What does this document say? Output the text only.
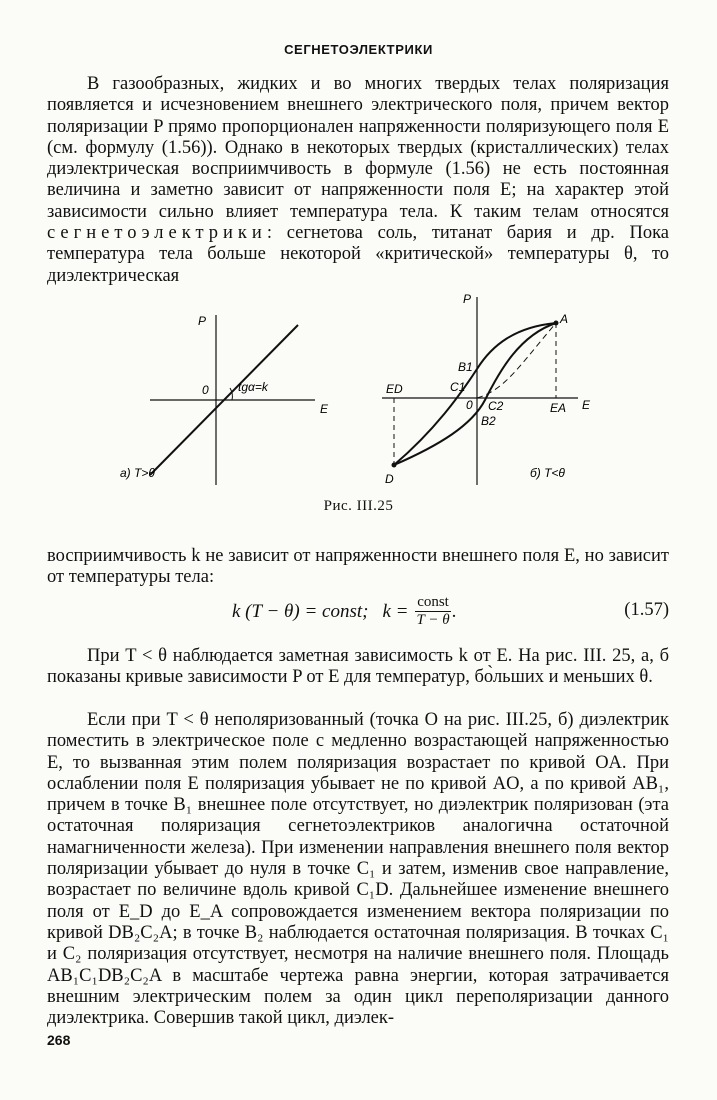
СЕГНЕТОЭЛЕКТРИКИ

В газообразных, жидких и во многих твердых телах поляризация появляется и исчезновением внешнего электрического поля, причем вектор поляризации P прямо пропорционален напряженности поляризующего поля E (см. формулу (1.56)). Однако в некоторых твердых (кристаллических) телах диэлектрическая восприимчивость в формуле (1.56) не есть постоянная величина и заметно зависит от напряженности поля E; на характер этой зависимости сильно влияет температура тела. К таким телам относятся сегнетоэлектрики: сегнетова соль, титанат бария и др. Пока температура тела больше некоторой «критической» температуры θ, то диэлектрическая

P
E
0 tgα=k
а) T>θ
P
E
0
ED
EA
A
B1
C1
C2
B2
D	б) T<θ
Рис. III.25

восприимчивость k не зависит от напряженности внешнего поля E, но зависит от температуры тела:

k (T − θ) = const; $k = \frac{\text{const}}{T - \theta}$ .	(1.57)

При T < θ наблюдается заметная зависимость k от E. На рис. III. 25, а, б показаны кривые зависимости P от E для температур, бо̀льших и меньших θ.

Если при T < θ неполяризованный (точка O на рис. III.25, б) диэлектрик поместить в электрическое поле с медленно возрастающей напряженностью E, то вызванная этим полем поляризация возрастает по кривой OA. При ослаблении поля E поляризация убывает не по кривой AO, а по кривой AB₁, причем в точке B₁ внешнее поле отсутствует, но диэлектрик поляризован (эта остаточная поляризация сегнетоэлектриков аналогична остаточной намагниченности железа). При изменении направления внешнего поля вектор поляризации убывает до нуля в точке C₁ и затем, изменив свое направление, возрастает по величине вдоль кривой C₁D. Дальнейшее изменение внешнего поля от E_D до E_A сопровождается изменением вектора поляризации по кривой DB₂C₂A; в точке B₂ наблюдается остаточная поляризация. В точках C₁ и C₂ поляризация отсутствует, несмотря на наличие внешнего поля. Площадь AB₁C₁DB₂C₂A в масштабе чертежа равна энергии, которая затрачивается внешним электрическим полем за один цикл переполяризации данного диэлектрика. Совершив такой цикл, диэлек-

268
